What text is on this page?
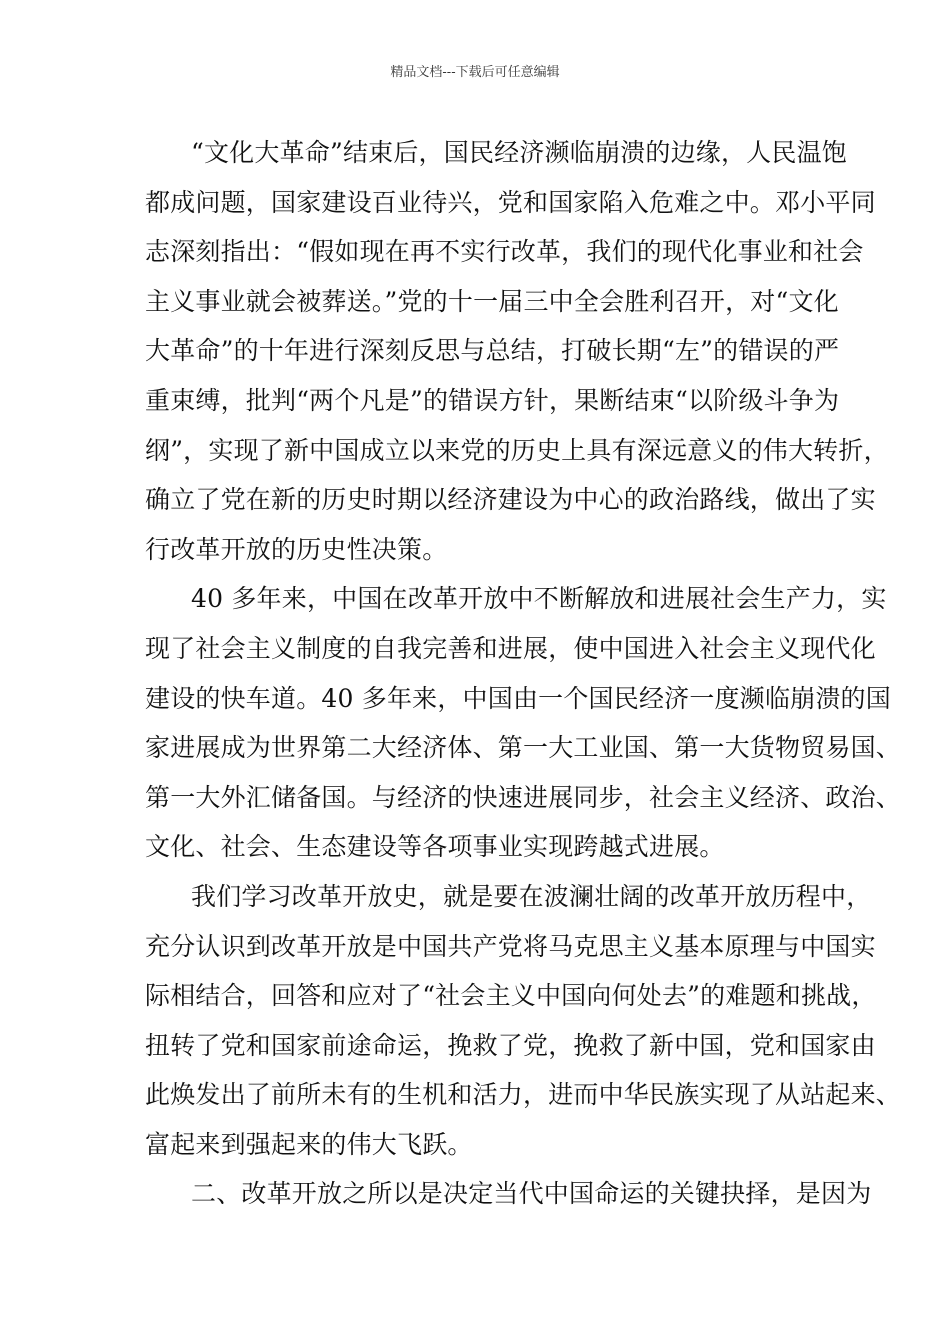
精品文档---下载后可任意编辑
“文化大革命”结束后，国民经济濒临崩溃的边缘，人民温饱
都成问题，国家建设百业待兴，党和国家陷入危难之中。邓小平同
志深刻指出：“假如现在再不实行改革，我们的现代化事业和社会
主义事业就会被葬送。”党的十一届三中全会胜利召开，对“文化
大革命”的十年进行深刻反思与总结，打破长期“左”的错误的严
重束缚，批判“两个凡是”的错误方针，果断结束“以阶级斗争为
纲”，实现了新中国成立以来党的历史上具有深远意义的伟大转折，
确立了党在新的历史时期以经济建设为中心的政治路线，做出了实
行改革开放的历史性决策。
40 多年来，中国在改革开放中不断解放和进展社会生产力，实
现了社会主义制度的自我完善和进展，使中国进入社会主义现代化
建设的快车道。40 多年来，中国由一个国民经济一度濒临崩溃的国
家进展成为世界第二大经济体、第一大工业国、第一大货物贸易国、
第一大外汇储备国。与经济的快速进展同步，社会主义经济、政治、
文化、社会、生态建设等各项事业实现跨越式进展。
我们学习改革开放史，就是要在波澜壮阔的改革开放历程中，
充分认识到改革开放是中国共产党将马克思主义基本原理与中国实
际相结合，回答和应对了“社会主义中国向何处去”的难题和挑战，
扭转了党和国家前途命运，挽救了党，挽救了新中国，党和国家由
此焕发出了前所未有的生机和活力，进而中华民族实现了从站起来、
富起来到强起来的伟大飞跃。
二、改革开放之所以是决定当代中国命运的关键抉择，是因为
